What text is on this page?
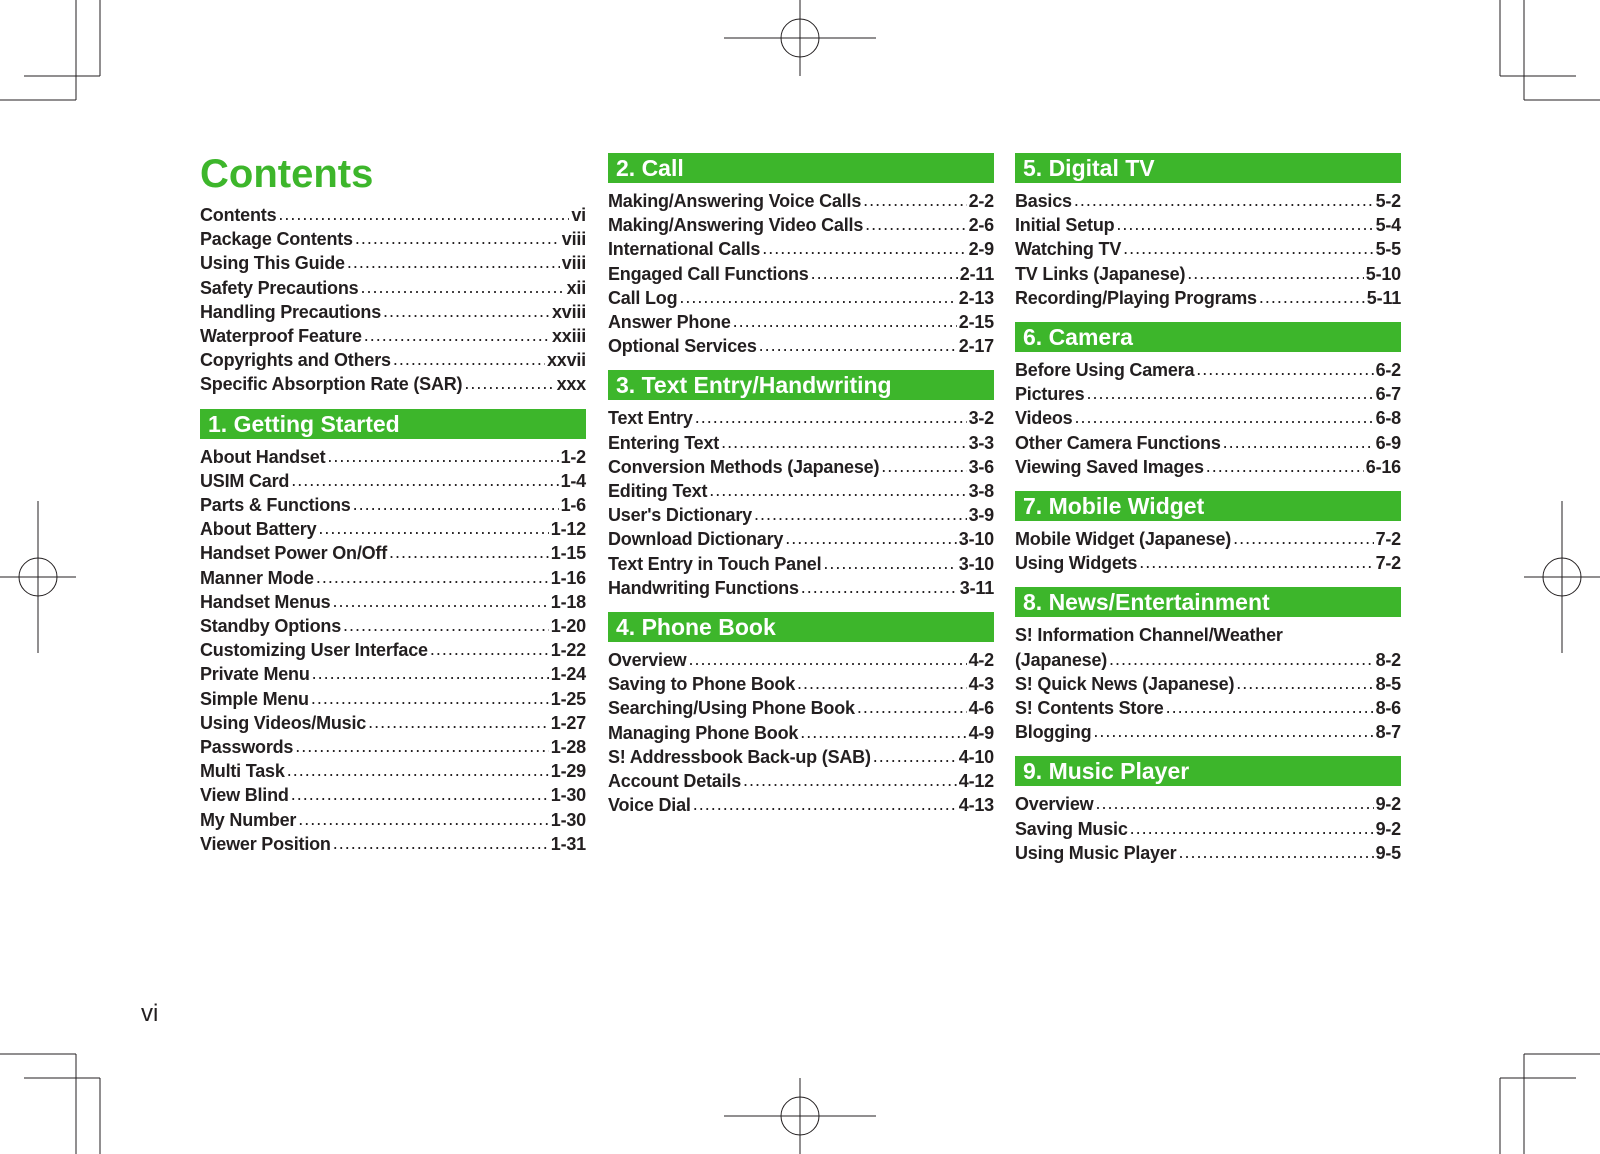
Contents
Contents .....	vi
Package Contents .....	viii
Using This Guide .....	viii
Safety Precautions .....	xii
Handling Precautions .....	xviii
Waterproof Feature .....	xxiii
Copyrights and Others .....	xxvii
Specific Absorption Rate (SAR) .....	xxx
1. Getting Started
About Handset .....	1-2
USIM Card .....	1-4
Parts & Functions .....	1-6
About Battery .....	1-12
Handset Power On/Off .....	1-15
Manner Mode .....	1-16
Handset Menus .....	1-18
Standby Options .....	1-20
Customizing User Interface .....	1-22
Private Menu .....	1-24
Simple Menu .....	1-25
Using Videos/Music .....	1-27
Passwords .....	1-28
Multi Task .....	1-29
View Blind .....	1-30
My Number .....	1-30
Viewer Position .....	1-31
2. Call
Making/Answering Voice Calls .....	2-2
Making/Answering Video Calls .....	2-6
International Calls .....	2-9
Engaged Call Functions .....	2-11
Call Log .....	2-13
Answer Phone .....	2-15
Optional Services .....	2-17
3. Text Entry/Handwriting
Text Entry .....	3-2
Entering Text .....	3-3
Conversion Methods (Japanese) .....	3-6
Editing Text .....	3-8
User's Dictionary .....	3-9
Download Dictionary .....	3-10
Text Entry in Touch Panel .....	3-10
Handwriting Functions .....	3-11
4. Phone Book
Overview .....	4-2
Saving to Phone Book .....	4-3
Searching/Using Phone Book .....	4-6
Managing Phone Book .....	4-9
S! Addressbook Back-up (SAB) .....	4-10
Account Details .....	4-12
Voice Dial .....	4-13
5. Digital TV
Basics .....	5-2
Initial Setup .....	5-4
Watching TV .....	5-5
TV Links (Japanese) .....	5-10
Recording/Playing Programs .....	5-11
6. Camera
Before Using Camera .....	6-2
Pictures .....	6-7
Videos .....	6-8
Other Camera Functions .....	6-9
Viewing Saved Images .....	6-16
7. Mobile Widget
Mobile Widget (Japanese) .....	7-2
Using Widgets .....	7-2
8. News/Entertainment
S! Information Channel/Weather
(Japanese) .....	8-2
S! Quick News (Japanese) .....	8-5
S! Contents Store .....	8-6
Blogging .....	8-7
9. Music Player
Overview .....	9-2
Saving Music .....	9-2
Using Music Player .....	9-5
vi
